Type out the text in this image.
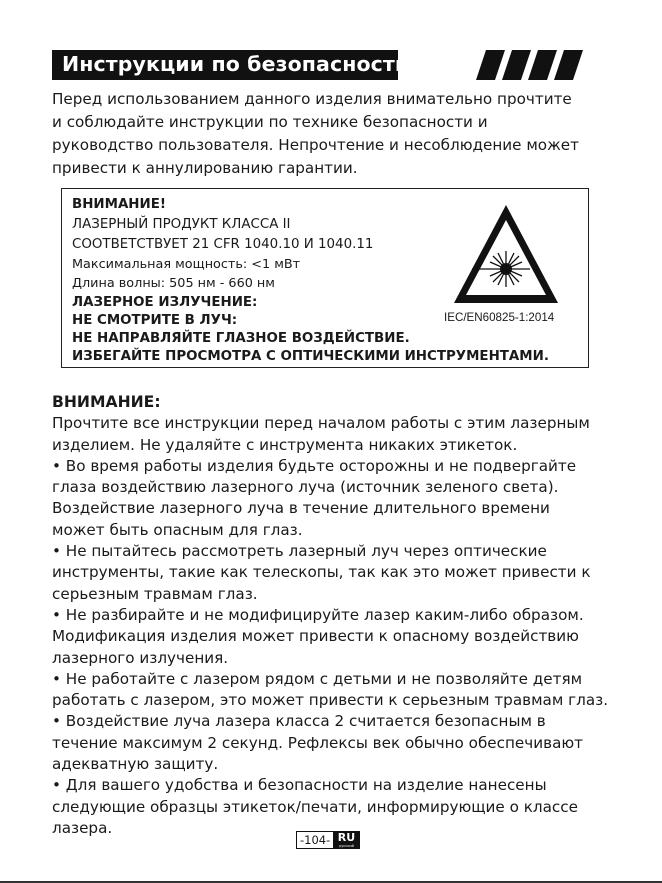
Инструкции по безопасности

Перед использованием данного изделия внимательно прочтите

и соблюдайте инструкции по технике безопасности и

руководство пользователя. Непрочтение и несоблюдение может

привести к аннулированию гарантии.

ВНИМАНИЕ!
ЛАЗЕРНЫЙ ПРОДУКТ КЛАССА II
СООТВЕТСТВУЕТ 21 CFR 1040.10 И 1040.11
Максимальная мощность: <1 мВт
Длина волны: 505 нм - 660 нм
ЛАЗЕРНОЕ ИЗЛУЧЕНИЕ:
НЕ СМОТРИТЕ В ЛУЧ:
НЕ НАПРАВЛЯЙТЕ ГЛАЗНОЕ ВОЗДЕЙСТВИЕ.
ИЗБЕГАЙТЕ ПРОСМОТРА С ОПТИЧЕСКИМИ ИНСТРУМЕНТАМИ.
IEC/EN60825-1:2014

ВНИМАНИЕ:

Прочтите все инструкции перед началом работы с этим лазерным

изделием. Не удаляйте с инструмента никаких этикеток.

• Во время работы изделия будьте осторожны и не подвергайте

глаза воздействию лазерного луча (источник зеленого света).

Воздействие лазерного луча в течение длительного времени

может быть опасным для глаз.

• Не пытайтесь рассмотреть лазерный луч через оптические

инструменты, такие как телескопы, так как это может привести к

серьезным травмам глаз.

• Не разбирайте и не модифицируйте лазер каким-либо образом.

Модификация изделия может привести к опасному воздействию

лазерного излучения.

• Не работайте с лазером рядом с детьми и не позволяйте детям

работать с лазером, это может привести к серьезным травмам глаз.

• Воздействие луча лазера класса 2 считается безопасным в

течение максимум 2 секунд. Рефлексы век обычно обеспечивают

адекватную защиту.

• Для вашего удобства и безопасности на изделие нанесены

следующие образцы этикеток/печати, информирующие о классе

лазера.

-104- RU
русский
